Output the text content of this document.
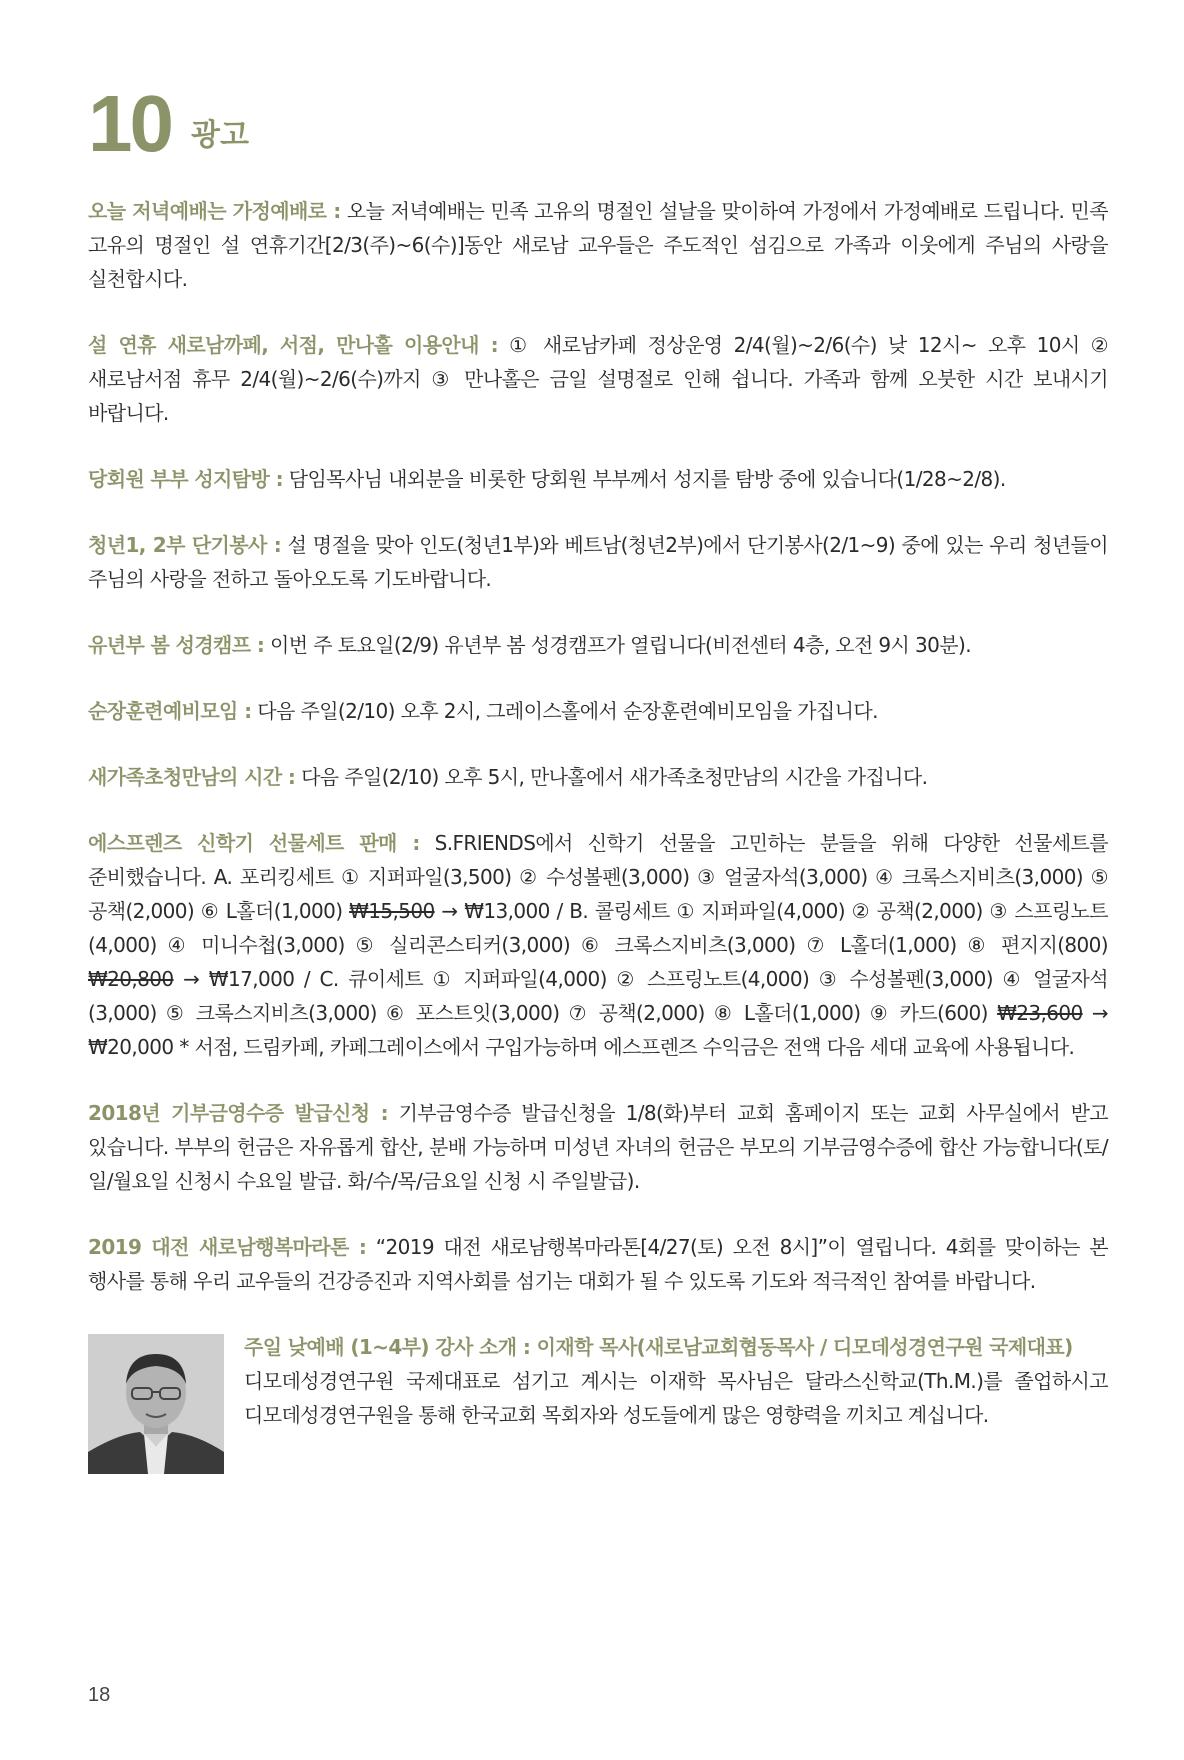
10 광고

오늘 저녁예배는 가정예배로 : 오늘 저녁예배는 민족 고유의 명절인 설날을 맞이하여 가정에서 가정예배로 드립니다. 민족 고유의 명절인 설 연휴기간[2/3(주)~6(수)]동안 새로남 교우들은 주도적인 섬김으로 가족과 이웃에게 주님의 사랑을 실천합시다.

설 연휴 새로남까페, 서점, 만나홀 이용안내 : ① 새로남카페 정상운영 2/4(월)~2/6(수) 낮 12시~ 오후 10시 ② 새로남서점 휴무 2/4(월)~2/6(수)까지 ③ 만나홀은 금일 설명절로 인해 쉽니다. 가족과 함께 오붓한 시간 보내시기 바랍니다.

당회원 부부 성지탐방 : 담임목사님 내외분을 비롯한 당회원 부부께서 성지를 탐방 중에 있습니다(1/28~2/8).

청년1, 2부 단기봉사 : 설 명절을 맞아 인도(청년1부)와 베트남(청년2부)에서 단기봉사(2/1~9) 중에 있는 우리 청년들이 주님의 사랑을 전하고 돌아오도록 기도바랍니다.

유년부 봄 성경캠프 : 이번 주 토요일(2/9) 유년부 봄 성경캠프가 열립니다(비전센터 4층, 오전 9시 30분).

순장훈련예비모임 : 다음 주일(2/10) 오후 2시, 그레이스홀에서 순장훈련예비모임을 가집니다.

새가족초청만남의 시간 : 다음 주일(2/10) 오후 5시, 만나홀에서 새가족초청만남의 시간을 가집니다.

에스프렌즈 신학기 선물세트 판매 : S.FRIENDS에서 신학기 선물을 고민하는 분들을 위해 다양한 선물세트를 준비했습니다. A. 포리킹세트 ① 지퍼파일(3,500) ② 수성볼펜(3,000) ③ 얼굴자석(3,000) ④ 크록스지비츠(3,000) ⑤ 공책(2,000) ⑥ L홀더(1,000) ₩15,500 → ₩13,000 / B. 콜링세트 ① 지퍼파일(4,000) ② 공책(2,000) ③ 스프링노트(4,000) ④ 미니수첩(3,000) ⑤ 실리콘스티커(3,000) ⑥ 크록스지비츠(3,000) ⑦ L홀더(1,000) ⑧ 편지지(800) ₩20,800 → ₩17,000 / C. 큐이세트 ① 지퍼파일(4,000) ② 스프링노트(4,000) ③ 수성볼펜(3,000) ④ 얼굴자석(3,000) ⑤ 크록스지비츠(3,000) ⑥ 포스트잇(3,000) ⑦ 공책(2,000) ⑧ L홀더(1,000) ⑨ 카드(600) ₩23,600 → ₩20,000 * 서점, 드림카페, 카페그레이스에서 구입가능하며 에스프렌즈 수익금은 전액 다음 세대 교육에 사용됩니다.

2018년 기부금영수증 발급신청 : 기부금영수증 발급신청을 1/8(화)부터 교회 홈페이지 또는 교회 사무실에서 받고 있습니다. 부부의 헌금은 자유롭게 합산, 분배 가능하며 미성년 자녀의 헌금은 부모의 기부금영수증에 합산 가능합니다(토/일/월요일 신청시 수요일 발급. 화/수/목/금요일 신청 시 주일발급).

2019 대전 새로남행복마라톤 : “2019 대전 새로남행복마라톤[4/27(토) 오전 8시]”이 열립니다. 4회를 맞이하는 본 행사를 통해 우리 교우들의 건강증진과 지역사회를 섬기는 대회가 될 수 있도록 기도와 적극적인 참여를 바랍니다.

주일 낮예배 (1~4부) 강사 소개 : 이재학 목사(새로남교회협동목사 / 디모데성경연구원 국제대표)

디모데성경연구원 국제대표로 섬기고 계시는 이재학 목사님은 달라스신학교(Th.M.)를 졸업하시고 디모데성경연구원을 통해 한국교회 목회자와 성도들에게 많은 영향력을 끼치고 계십니다.

18
